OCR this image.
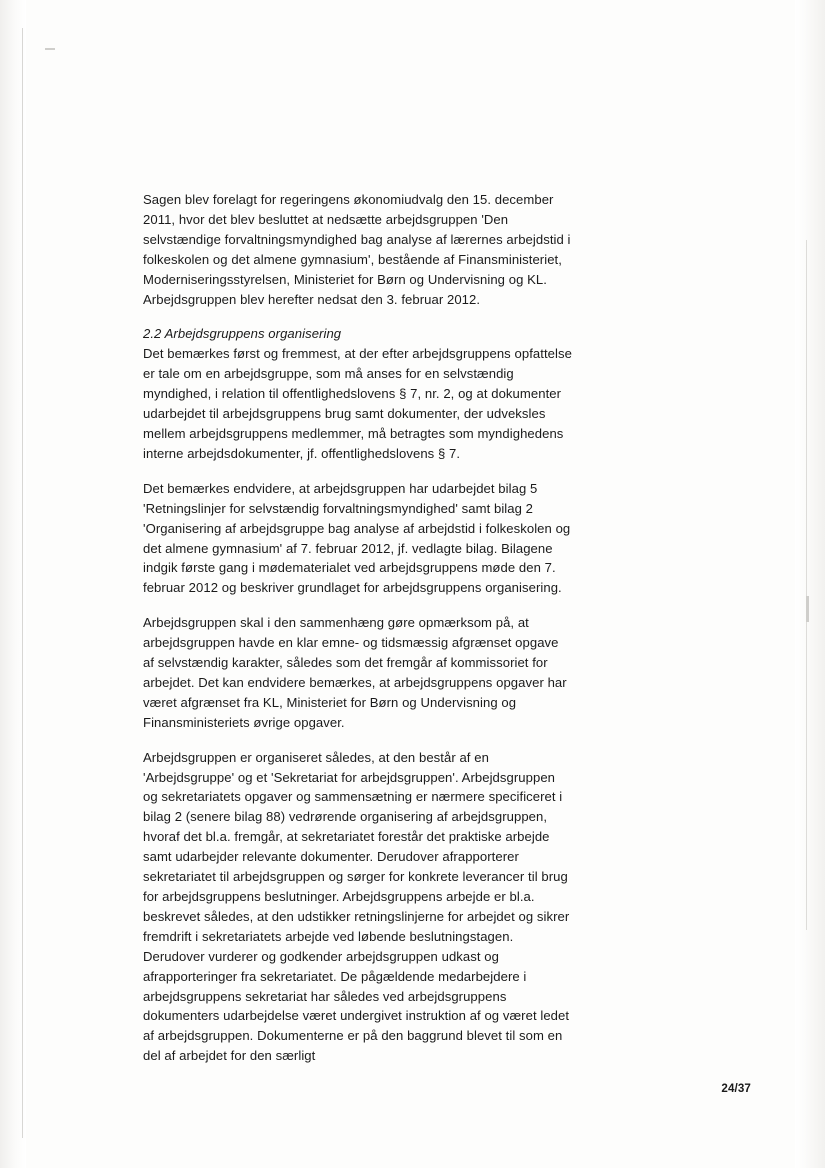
Sagen blev forelagt for regeringens økonomiudvalg den 15. december 2011, hvor det blev besluttet at nedsætte arbejdsgruppen 'Den selvstændige forvaltningsmyndighed bag analyse af lærernes arbejdstid i folkeskolen og det almene gymnasium', bestående af Finansministeriet, Moderniseringsstyrelsen, Ministeriet for Børn og Undervisning og KL. Arbejdsgruppen blev herefter nedsat den 3. februar 2012.

2.2 Arbejdsgruppens organisering

Det bemærkes først og fremmest, at der efter arbejdsgruppens opfattelse er tale om en arbejdsgruppe, som må anses for en selvstændig myndighed, i relation til offentlighedslovens § 7, nr. 2, og at dokumenter udarbejdet til arbejdsgruppens brug samt dokumenter, der udveksles mellem arbejdsgruppens medlemmer, må betragtes som myndighedens interne arbejdsdokumenter, jf. offentlighedslovens § 7.

Det bemærkes endvidere, at arbejdsgruppen har udarbejdet bilag 5 'Retningslinjer for selvstændig forvaltningsmyndighed' samt bilag 2 'Organisering af arbejdsgruppe bag analyse af arbejdstid i folkeskolen og det almene gymnasium' af 7. februar 2012, jf. vedlagte bilag. Bilagene indgik første gang i mødematerialet ved arbejdsgruppens møde den 7. februar 2012 og beskriver grundlaget for arbejdsgruppens organisering.

Arbejdsgruppen skal i den sammenhæng gøre opmærksom på, at arbejdsgruppen havde en klar emne- og tidsmæssig afgrænset opgave af selvstændig karakter, således som det fremgår af kommissoriet for arbejdet. Det kan endvidere bemærkes, at arbejdsgruppens opgaver har været afgrænset fra KL, Ministeriet for Børn og Undervisning og Finansministeriets øvrige opgaver.

Arbejdsgruppen er organiseret således, at den består af en 'Arbejdsgruppe' og et 'Sekretariat for arbejdsgruppen'. Arbejdsgruppen og sekretariatets opgaver og sammensætning er nærmere specificeret i bilag 2 (senere bilag 88) vedrørende organisering af arbejdsgruppen, hvoraf det bl.a. fremgår, at sekretariatet forestår det praktiske arbejde samt udarbejder relevante dokumenter. Derudover afrapporterer sekretariatet til arbejdsgruppen og sørger for konkrete leverancer til brug for arbejdsgruppens beslutninger. Arbejdsgruppens arbejde er bl.a. beskrevet således, at den udstikker retningslinjerne for arbejdet og sikrer fremdrift i sekretariatets arbejde ved løbende beslutningstagen. Derudover vurderer og godkender arbejdsgruppen udkast og afrapporteringer fra sekretariatet. De pågældende medarbejdere i arbejdsgruppens sekretariat har således ved arbejdsgruppens dokumenters udarbejdelse været undergivet instruktion af og været ledet af arbejdsgruppen. Dokumenterne er på den baggrund blevet til som en del af arbejdet for den særligt

24/37
